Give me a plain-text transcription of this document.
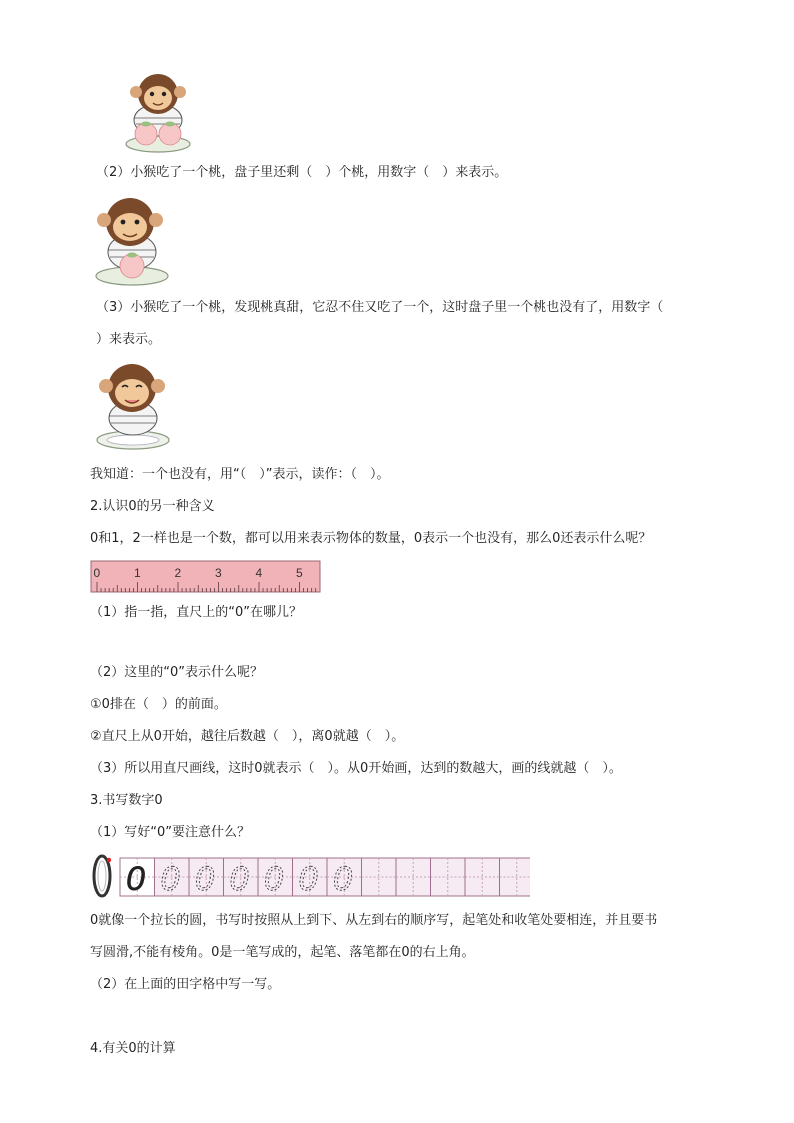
（2）小猴吃了一个桃，盘子里还剩（　）个桃，用数字（　）来表示。
（3）小猴吃了一个桃，发现桃真甜，它忍不住又吃了一个，这时盘子里一个桃也没有了，用数字（
）来表示。
我知道：一个也没有，用“（　）”表示，读作：（　）。
2.认识0的另一种含义
0和1，2一样也是一个数，都可以用来表示物体的数量，0表示一个也没有，那么0还表示什么呢？
0	1	2	3	4	5
（1）指一指，直尺上的“0”在哪儿？
（2）这里的“0”表示什么呢？
①0排在（　）的前面。
②直尺上从0开始，越往后数越（　），离0就越（　）。
（3）所以用直尺画线，这时0就表示（　）。从0开始画，达到的数越大，画的线就越（　）。
3.书写数字0
（1）写好“0”要注意什么？
0 0 0 0 0 0 0
0就像一个拉长的圆，书写时按照从上到下、从左到右的顺序写，起笔处和收笔处要相连，并且要书
写圆滑,不能有棱角。0是一笔写成的，起笔、落笔都在0的右上角。
（2）在上面的田字格中写一写。
4.有关0的计算
